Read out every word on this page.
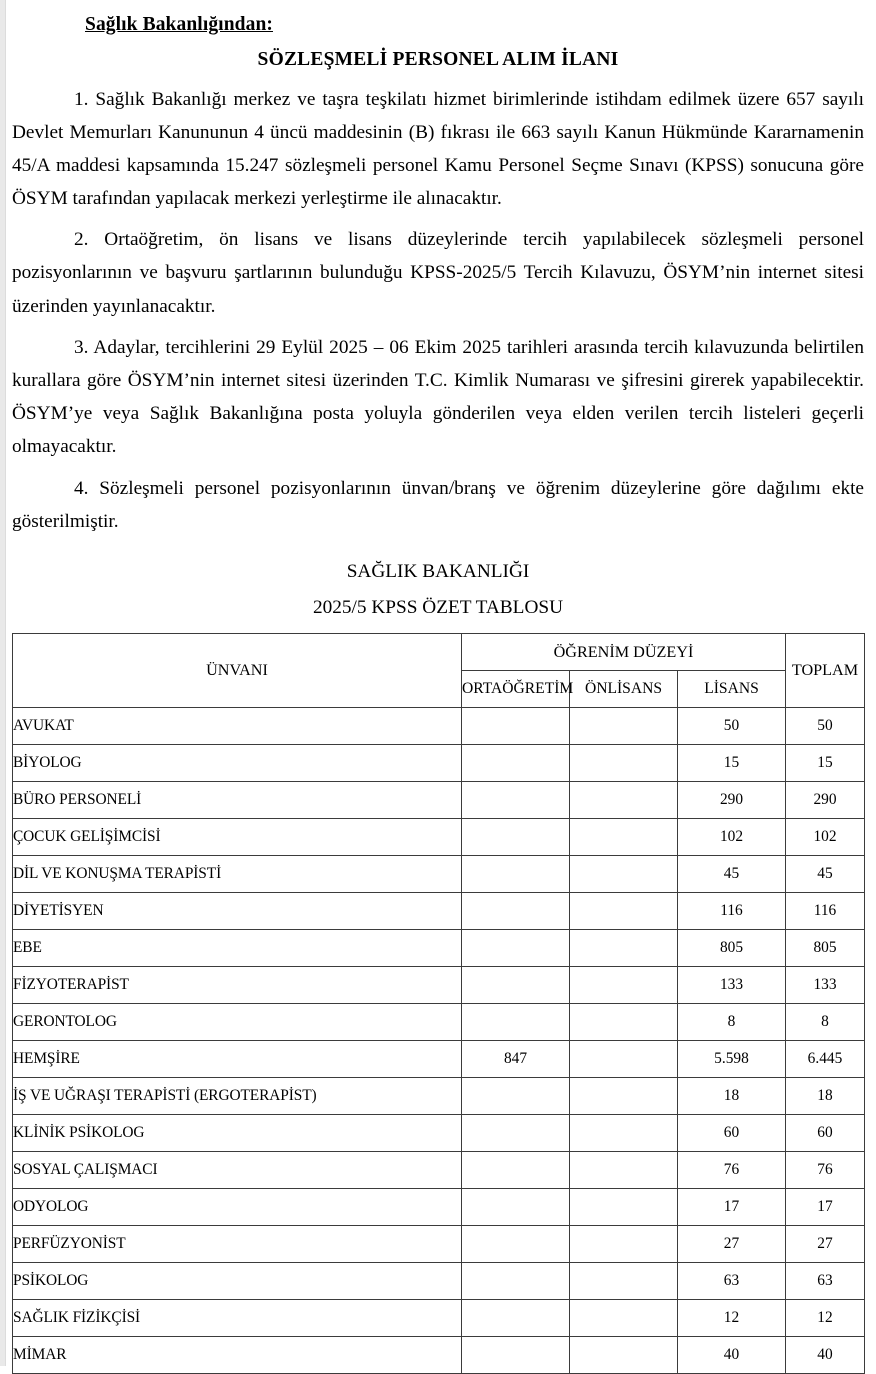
Sağlık Bakanlığından:
SÖZLEŞMELİ PERSONEL ALIM İLANI

1. Sağlık Bakanlığı merkez ve taşra teşkilatı hizmet birimlerinde istihdam edilmek üzere 657 sayılı Devlet Memurları Kanununun 4 üncü maddesinin (B) fıkrası ile 663 sayılı Kanun Hükmünde Kararnamenin 45/A maddesi kapsamında 15.247 sözleşmeli personel Kamu Personel Seçme Sınavı (KPSS) sonucuna göre ÖSYM tarafından yapılacak merkezi yerleştirme ile alınacaktır.

2. Ortaöğretim, ön lisans ve lisans düzeylerinde tercih yapılabilecek sözleşmeli personel pozisyonlarının ve başvuru şartlarının bulunduğu KPSS-2025/5 Tercih Kılavuzu, ÖSYM’nin internet sitesi üzerinden yayınlanacaktır.

3. Adaylar, tercihlerini 29 Eylül 2025 – 06 Ekim 2025 tarihleri arasında tercih kılavuzunda belirtilen kurallara göre ÖSYM’nin internet sitesi üzerinden T.C. Kimlik Numarası ve şifresini girerek yapabilecektir. ÖSYM’ye veya Sağlık Bakanlığına posta yoluyla gönderilen veya elden verilen tercih listeleri geçerli olmayacaktır.

4. Sözleşmeli personel pozisyonlarının ünvan/branş ve öğrenim düzeylerine göre dağılımı ekte gösterilmiştir.

SAĞLIK BAKANLIĞI
2025/5 KPSS ÖZET TABLOSU
ÜNVANI	ÖĞRENİM DÜZEYİ			TOPLAM
	ORTAÖĞRETİM	ÖNLİSANS	LİSANS	
AVUKAT			50	50
BİYOLOG			15	15
BÜRO PERSONELİ			290	290
ÇOCUK GELİŞİMCİSİ			102	102
DİL VE KONUŞMA TERAPİSTİ			45	45
DİYETİSYEN			116	116
EBE			805	805
FİZYOTERAPİST			133	133
GERONTOLOG			8	8
HEMŞİRE	847		5.598	6.445
İŞ VE UĞRAŞI TERAPİSTİ (ERGOTERAPİST)			18	18
KLİNİK PSİKOLOG			60	60
SOSYAL ÇALIŞMACI			76	76
ODYOLOG			17	17
PERFÜZYONİST			27	27
PSİKOLOG			63	63
SAĞLIK FİZİKÇİSİ			12	12
MİMAR			40	40
